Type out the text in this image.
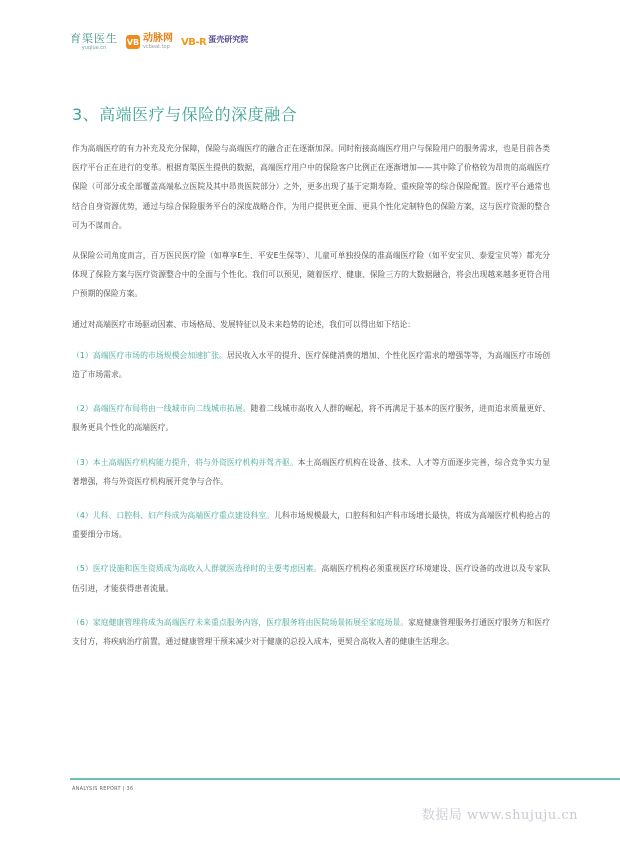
育渠医生
yuqiue.cn
VB 动脉网
vcbeat.top	VB-R 蛋壳研究院
· · · · · · ·
3、高端医疗与保险的深度融合

作为高端医疗的有力补充及充分保障，保险与高端医疗的融合正在逐渐加深。同时衔接高端医疗用户与保险用户的服务需求，也是目前各类医疗平台正在进行的变革。根据育渠医生提供的数据，高端医疗用户中的保险客户比例正在逐渐增加——其中除了价格较为昂贵的高端医疗保险（可部分或全部覆盖高端私立医院及其中昂贵医院部分）之外，更多出现了基于定期寿险、重疾险等的综合保险配置。医疗平台通常也结合自身资源优势，通过与综合保险服务平台的深度战略合作，为用户提供更全面、更具个性化定制特色的保险方案，这与医疗资源的整合可为不谋而合。

从保险公司角度而言，百万医民医疗险（如尊享E生、平安E生保等）、儿童可单独投保的准高端医疗险（如平安宝贝、泰爱宝贝等）都充分体现了保险方案与医疗资源整合中的全面与个性化。我们可以预见，随着医疗、健康、保险三方的大数据融合，将会出现越来越多更符合用户预期的保险方案。

通过对高端医疗市场驱动因素、市场格局、发展特征以及未来趋势的论述，我们可以得出如下结论：

（1）高端医疗市场的市场规模会加速扩张。居民收入水平的提升、医疗保健消费的增加、个性化医疗需求的增强等等，为高端医疗市场创造了市场需求。

（2）高端医疗布局将由一线城市向二线城市拓展。随着二线城市高收入人群的崛起，将不再满足于基本的医疗服务，进而追求质量更好、服务更具个性化的高端医疗。

（3）本土高端医疗机构能力提升，将与外资医疗机构并驾齐驱。本土高端医疗机构在设备、技术、人才等方面逐步完善，综合竞争实力显著增强，将与外资医疗机构展开竞争与合作。

（4）儿科、口腔科、妇产科成为高端医疗重点建设科室。儿科市场规模最大，口腔科和妇产科市场增长最快，将成为高端医疗机构抢占的重要细分市场。

（5）医疗设施和医生资质成为高收入人群就医选择时的主要考虑因素。高端医疗机构必须重视医疗环境建设、医疗设备的改进以及专家队伍引进，才能获得患者流量。

（6）家庭健康管理将成为高端医疗未来重点服务内容，医疗服务将由医院场景拓展至家庭场景。家庭健康管理服务打通医疗服务方和医疗支付方，将疾病治疗前置，通过健康管理干预来减少对于健康的总投入成本，更契合高收入者的健康生活理念。

ANALYSIS REPORT | 36
数据局 www.shujuju.cn
